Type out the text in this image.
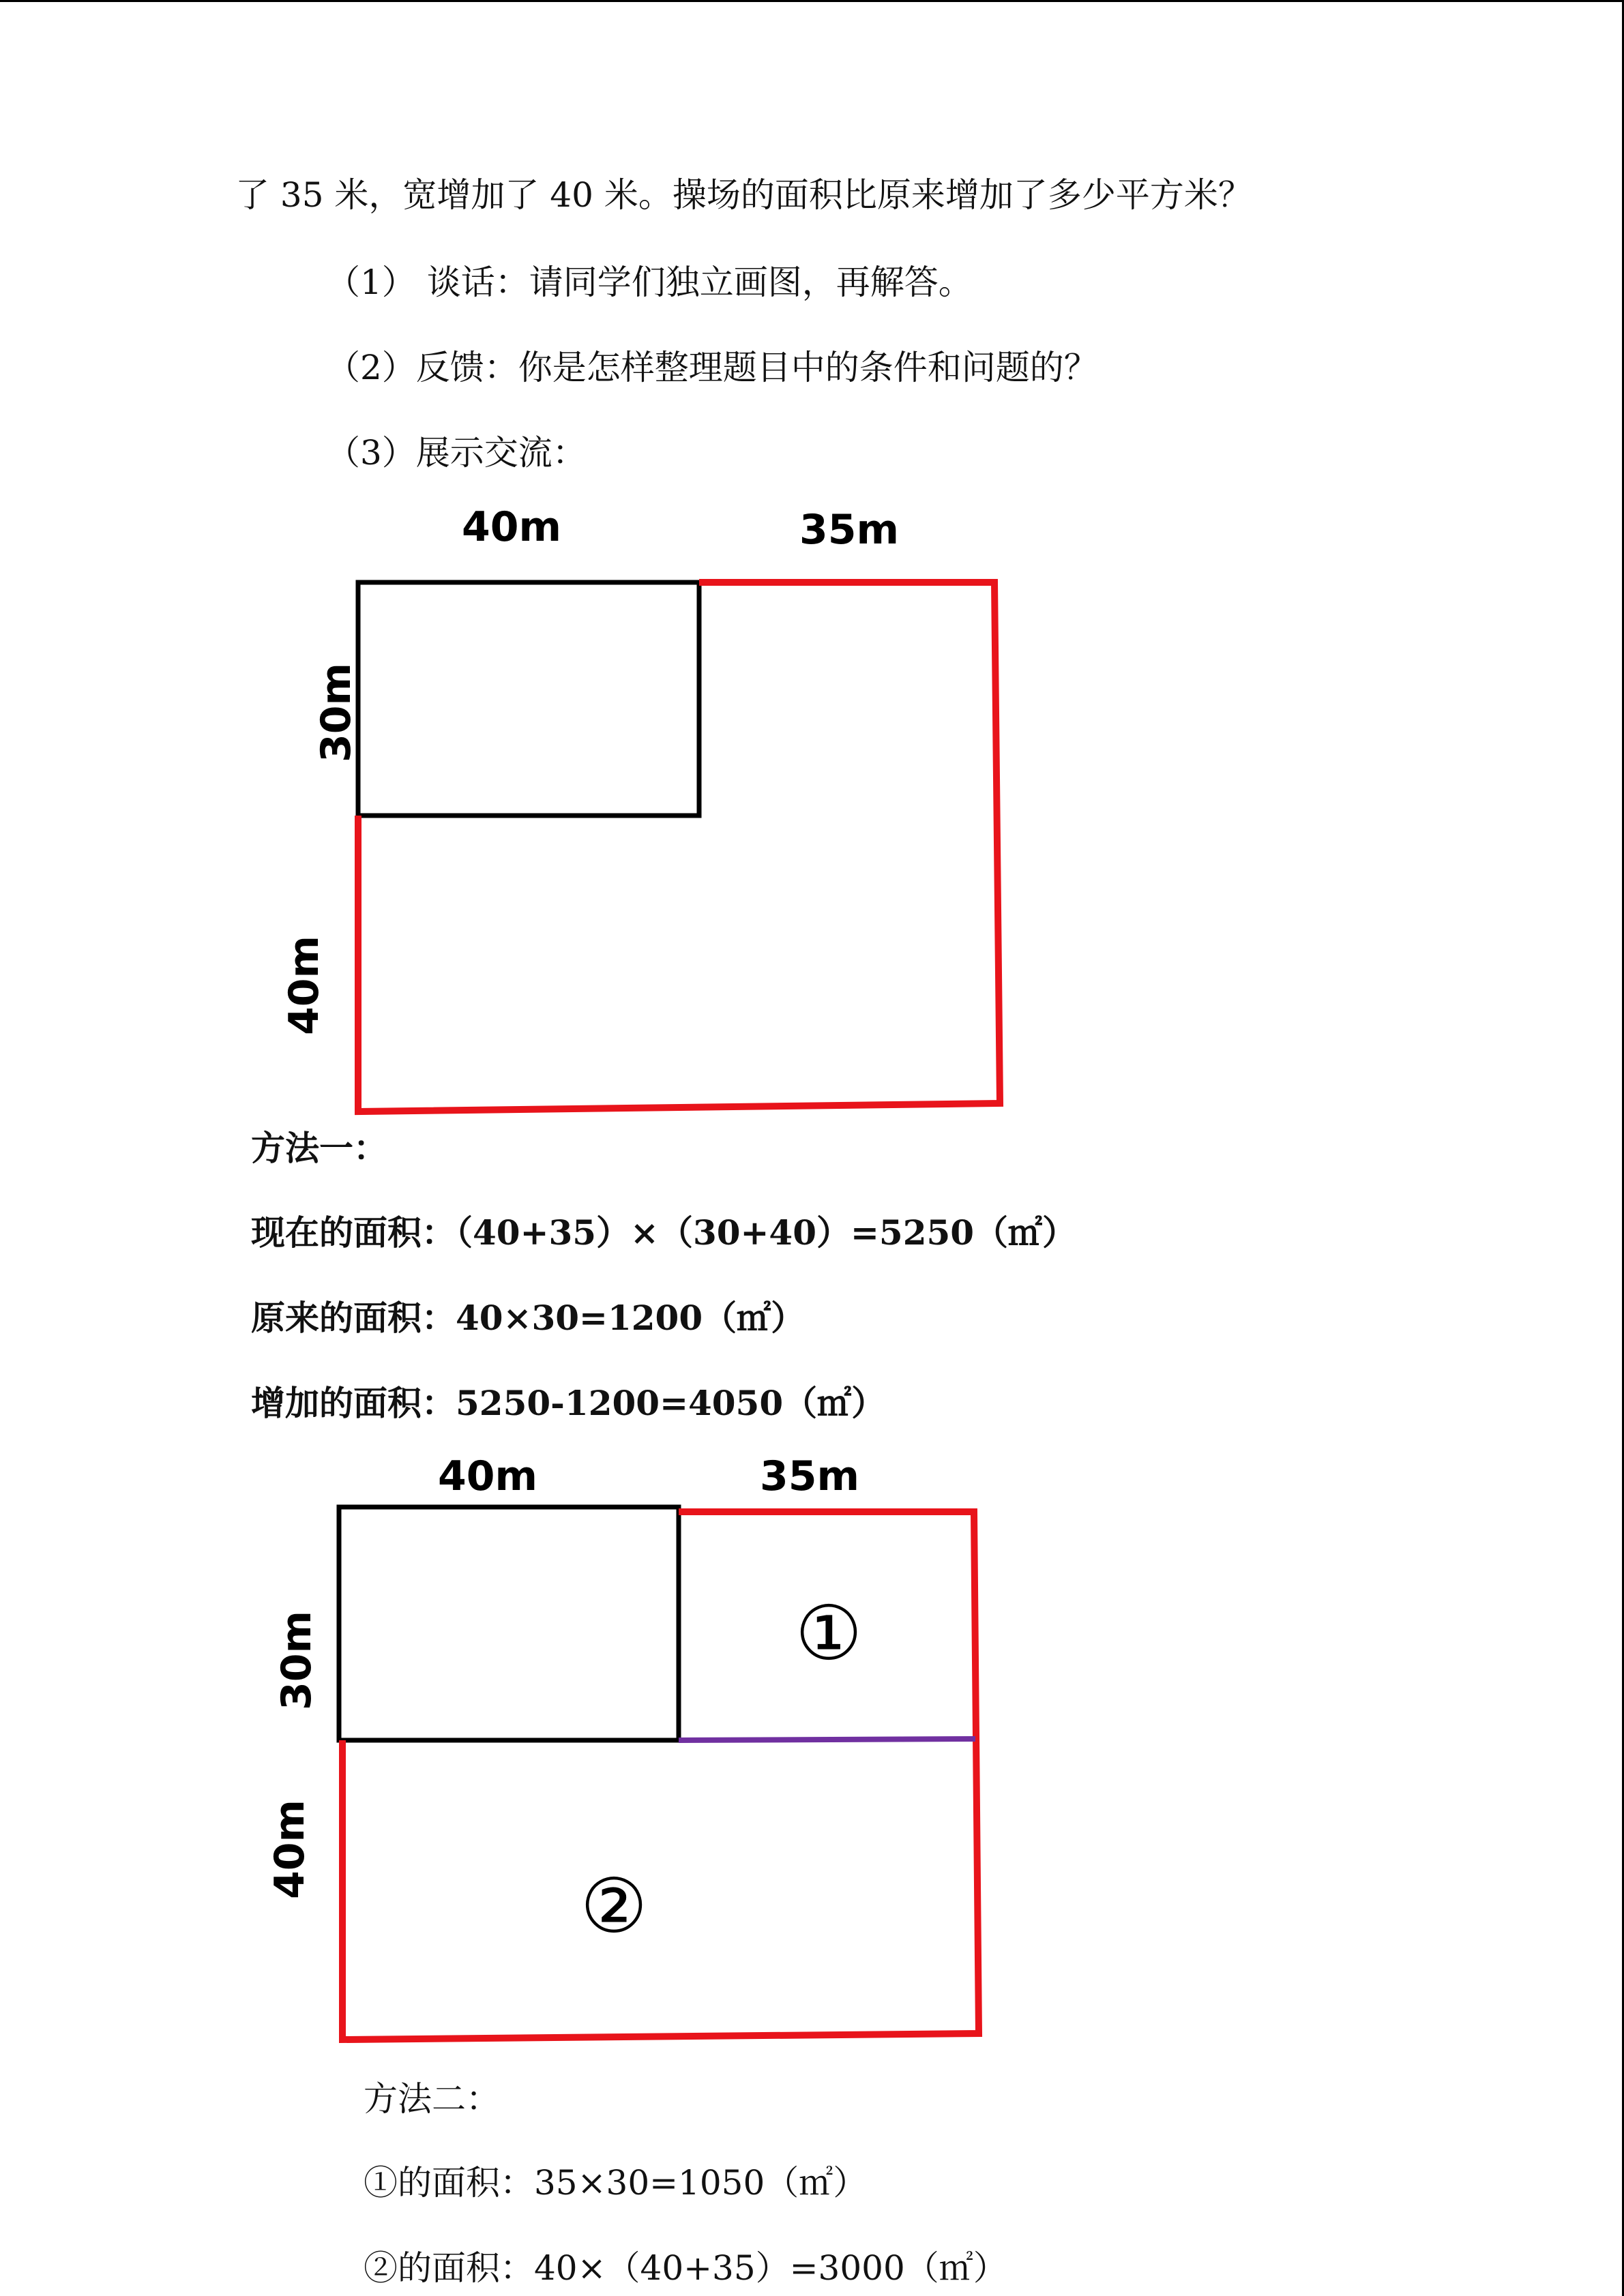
了 35 米，宽增加了 40 米。操场的面积比原来增加了多少平方米？
（1） 谈话：请同学们独立画图，再解答。
（2）反馈：你是怎样整理题目中的条件和问题的？
（3）展示交流：
40m	35m
30m
40m
方法一：
现在的面积：（40+35）×（30+40）=5250（㎡）
原来的面积：40×30=1200（㎡）
增加的面积：5250-1200=4050（㎡）
①
②
40m	35m
30m
40m
方法二：
①的面积：35×30=1050（㎡）
②的面积：40×（40+35）=3000（㎡）
